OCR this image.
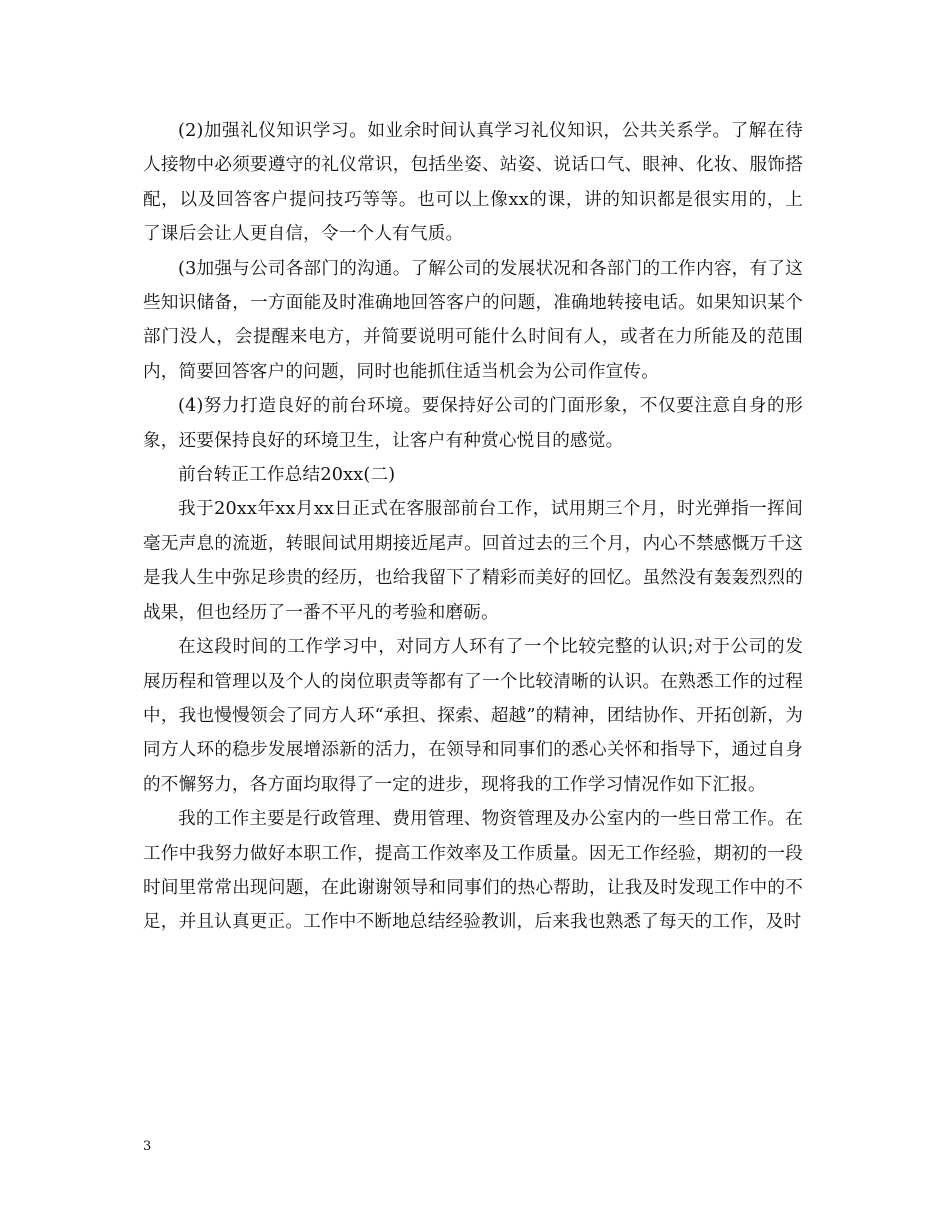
(2)加强礼仪知识学习。如业余时间认真学习礼仪知识，公共关系学。了解在待人接物中必须要遵守的礼仪常识，包括坐姿、站姿、说话口气、眼神、化妆、服饰搭配，以及回答客户提问技巧等等。也可以上像xx的课，讲的知识都是很实用的，上了课后会让人更自信，令一个人有气质。

(3加强与公司各部门的沟通。了解公司的发展状况和各部门的工作内容，有了这些知识储备，一方面能及时准确地回答客户的问题，准确地转接电话。如果知识某个部门没人，会提醒来电方，并简要说明可能什么时间有人，或者在力所能及的范围内，简要回答客户的问题，同时也能抓住适当机会为公司作宣传。

(4)努力打造良好的前台环境。要保持好公司的门面形象，不仅要注意自身的形象，还要保持良好的环境卫生，让客户有种赏心悦目的感觉。

前台转正工作总结20xx(二)

我于20xx年xx月xx日正式在客服部前台工作，试用期三个月，时光弹指一挥间毫无声息的流逝，转眼间试用期接近尾声。回首过去的三个月，内心不禁感慨万千这是我人生中弥足珍贵的经历，也给我留下了精彩而美好的回忆。虽然没有轰轰烈烈的战果，但也经历了一番不平凡的考验和磨砺。

在这段时间的工作学习中，对同方人环有了一个比较完整的认识;对于公司的发展历程和管理以及个人的岗位职责等都有了一个比较清晰的认识。在熟悉工作的过程中，我也慢慢领会了同方人环“承担、探索、超越”的精神，团结协作、开拓创新，为同方人环的稳步发展增添新的活力，在领导和同事们的悉心关怀和指导下，通过自身的不懈努力，各方面均取得了一定的进步，现将我的工作学习情况作如下汇报。

我的工作主要是行政管理、费用管理、物资管理及办公室内的一些日常工作。在工作中我努力做好本职工作，提高工作效率及工作质量。因无工作经验，期初的一段时间里常常出现问题，在此谢谢领导和同事们的热心帮助，让我及时发现工作中的不足，并且认真更正。工作中不断地总结经验教训，后来我也熟悉了每天的工作，及时

3
